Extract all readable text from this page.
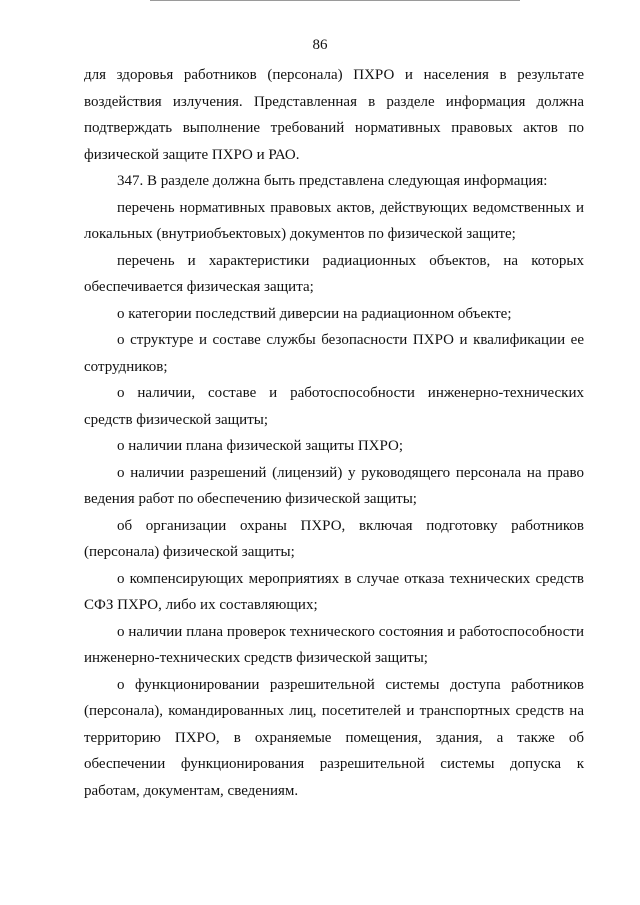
86

для здоровья работников (персонала) ПХРО и населения в результате воздействия излучения. Представленная в разделе информация должна подтверждать выполнение требований нормативных правовых актов по физической защите ПХРО и РАО.

347. В разделе должна быть представлена следующая информация:

перечень нормативных правовых актов, действующих ведомственных и локальных (внутриобъектовых) документов по физической защите;

перечень и характеристики радиационных объектов, на которых обеспечивается физическая защита;

о категории последствий диверсии на радиационном объекте;

о структуре и составе службы безопасности ПХРО и квалификации ее сотрудников;

о наличии, составе и работоспособности инженерно-технических средств физической защиты;

о наличии плана физической защиты ПХРО;

о наличии разрешений (лицензий) у руководящего персонала на право ведения работ по обеспечению физической защиты;

об организации охраны ПХРО, включая подготовку работников (персонала) физической защиты;

о компенсирующих мероприятиях в случае отказа технических средств СФЗ ПХРО, либо их составляющих;

о наличии плана проверок технического состояния и работоспособности инженерно-технических средств физической защиты;

о функционировании разрешительной системы доступа работников (персонала), командированных лиц, посетителей и транспортных средств на территорию ПХРО, в охраняемые помещения, здания, а также об обеспечении функционирования разрешительной системы допуска к работам, документам, сведениям.
